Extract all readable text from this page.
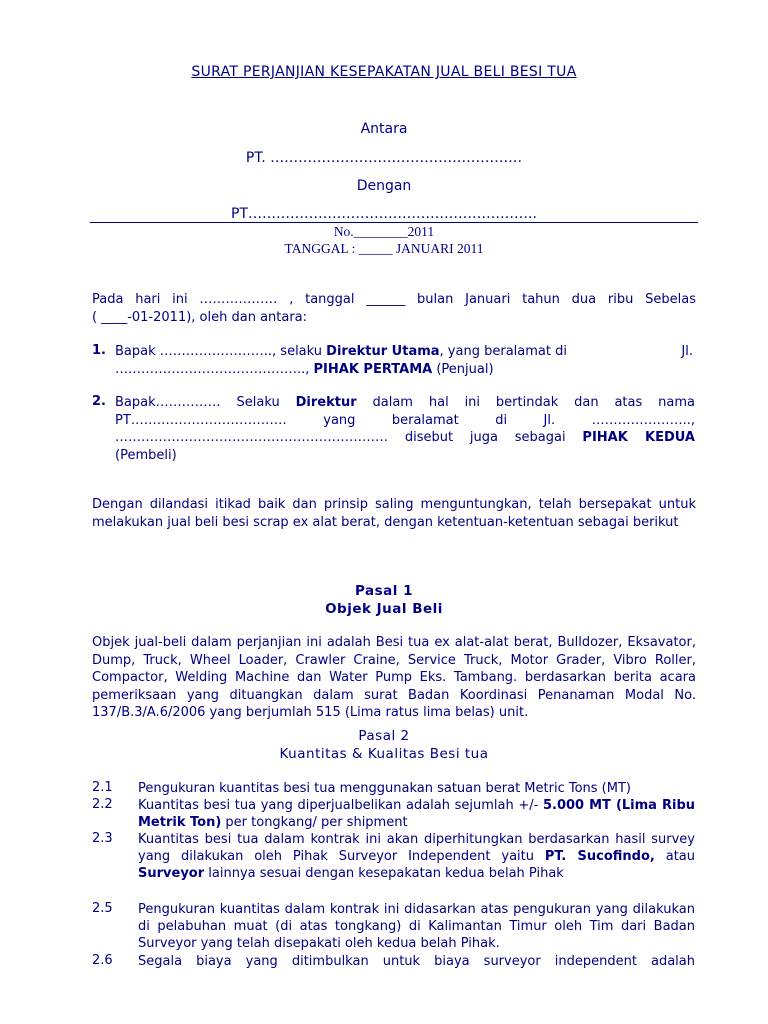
SURAT PERJANJIAN KESEPAKATAN JUAL BELI BESI TUA
Antara
PT. ………………………………………………
Dengan
PT……………………………………………………..
No.________2011
TANGGAL : _____ JANUARI 2011
Pada hari ini ……………… , tanggal ______ bulan Januari tahun dua ribu Sebelas
( ____-01-2011), oleh dan antara:
1. Bapak …………………….., selaku Direktur Utama, yang beralamat di	Jl.
…………………………………….., PIHAK PERTAMA (Penjual)
2. Bapak…………… Selaku Direktur dalam hal ini bertindak dan atas nama PT……………………………… yang beralamat di Jl. ………………….., ……………………………………………………… disebut juga sebagai PIHAK KEDUA (Pembeli)
Dengan dilandasi itikad baik dan prinsip saling menguntungkan, telah bersepakat untuk melakukan jual beli besi scrap ex alat berat, dengan ketentuan-ketentuan sebagai berikut
Pasal 1
Objek Jual Beli
Objek jual-beli dalam perjanjian ini adalah Besi tua ex alat-alat berat, Bulldozer, Eksavator, Dump, Truck, Wheel Loader, Crawler Craine, Service Truck, Motor Grader, Vibro Roller, Compactor, Welding Machine dan Water Pump Eks. Tambang. berdasarkan berita acara pemeriksaan yang dituangkan dalam surat Badan Koordinasi Penanaman Modal No. 137/B.3/A.6/2006 yang berjumlah 515 (Lima ratus lima belas) unit.
Pasal 2
Kuantitas & Kualitas Besi tua
2.1 Pengukuran kuantitas besi tua menggunakan satuan berat Metric Tons (MT)
2.2 Kuantitas besi tua yang diperjualbelikan adalah sejumlah +/- 5.000 MT (Lima Ribu Metrik Ton) per tongkang/ per shipment
2.3 Kuantitas besi tua dalam kontrak ini akan diperhitungkan berdasarkan hasil survey yang dilakukan oleh Pihak Surveyor Independent yaitu PT. Sucofindo, atau Surveyor lainnya sesuai dengan kesepakatan kedua belah Pihak
2.5 Pengukuran kuantitas dalam kontrak ini didasarkan atas pengukuran yang dilakukan di pelabuhan muat (di atas tongkang) di Kalimantan Timur oleh Tim dari Badan Surveyor yang telah disepakati oleh kedua belah Pihak.
2.6 Segala biaya yang ditimbulkan untuk biaya surveyor independent adalah
